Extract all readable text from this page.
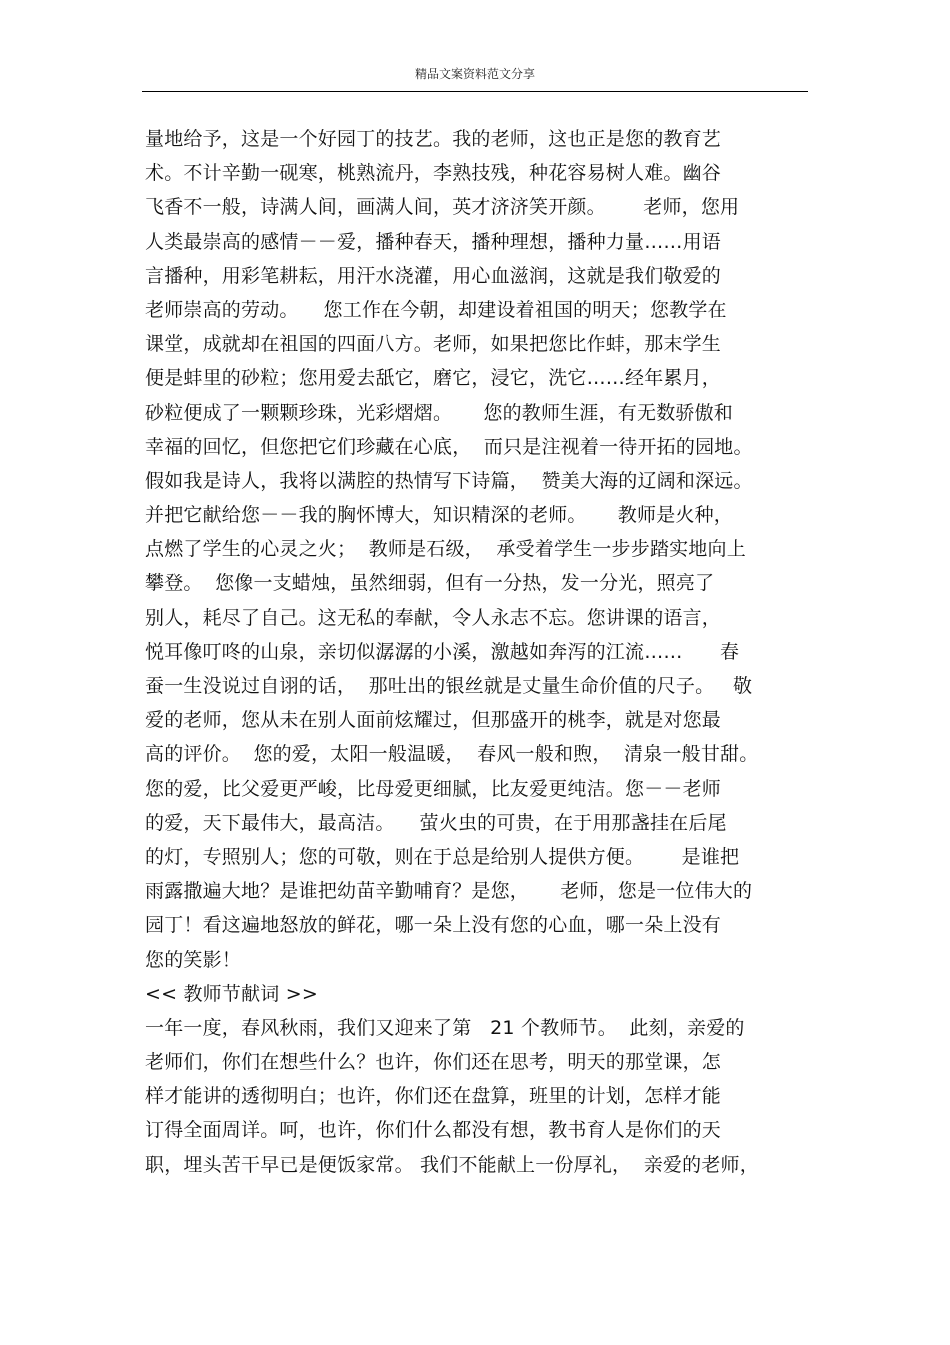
精品文案资料范文分享
量地给予，这是一个好园丁的技艺。我的老师，这也正是您的教育艺
术。不计辛勤一砚寒，桃熟流丹，李熟技残，种花容易树人难。幽谷
飞香不一般，诗满人间，画满人间，英才济济笑开颜。      老师，您用
人类最崇高的感情－－爱，播种春天，播种理想，播种力量……用语
言播种，用彩笔耕耘，用汗水浇灌，用心血滋润，这就是我们敬爱的
老师崇高的劳动。    您工作在今朝，却建设着祖国的明天；您教学在
课堂，成就却在祖国的四面八方。老师，如果把您比作蚌，那末学生
便是蚌里的砂粒；您用爱去舐它，磨它，浸它，洗它……经年累月，
砂粒便成了一颗颗珍珠，光彩熠熠。     您的教师生涯，有无数骄傲和
幸福的回忆，但您把它们珍藏在心底，  而只是注视着一待开拓的园地。
假如我是诗人，我将以满腔的热情写下诗篇，  赞美大海的辽阔和深远。
并把它献给您－－我的胸怀博大，知识精深的老师。     教师是火种，
点燃了学生的心灵之火；  教师是石级，  承受着学生一步步踏实地向上
攀登。  您像一支蜡烛，虽然细弱，但有一分热，发一分光，照亮了
别人，耗尽了自己。这无私的奉献，令人永志不忘。您讲课的语言，
悦耳像叮咚的山泉，亲切似潺潺的小溪，激越如奔泻的江流……      春
蚕一生没说过自诩的话，  那吐出的银丝就是丈量生命价值的尺子。   敬
爱的老师，您从未在别人面前炫耀过，但那盛开的桃李，就是对您最
高的评价。  您的爱，太阳一般温暖，  春风一般和煦，  清泉一般甘甜。
您的爱，比父爱更严峻，比母爱更细腻，比友爱更纯洁。您－－老师
的爱，天下最伟大，最高洁。    萤火虫的可贵，在于用那盏挂在后尾
的灯，专照别人；您的可敬，则在于总是给别人提供方便。      是谁把
雨露撒遍大地？是谁把幼苗辛勤哺育？是您，     老师，您是一位伟大的
园丁！看这遍地怒放的鲜花，哪一朵上没有您的心血，哪一朵上没有
您的笑影！
<< 教师节献词 >>
一年一度，春风秋雨，我们又迎来了第   21 个教师节。  此刻，亲爱的
老师们，你们在想些什么？也许，你们还在思考，明天的那堂课，怎
样才能讲的透彻明白；也许，你们还在盘算，班里的计划，怎样才能
订得全面周详。呵，也许，你们什么都没有想，教书育人是你们的天
职，埋头苦干早已是便饭家常。 我们不能献上一份厚礼，  亲爱的老师，
